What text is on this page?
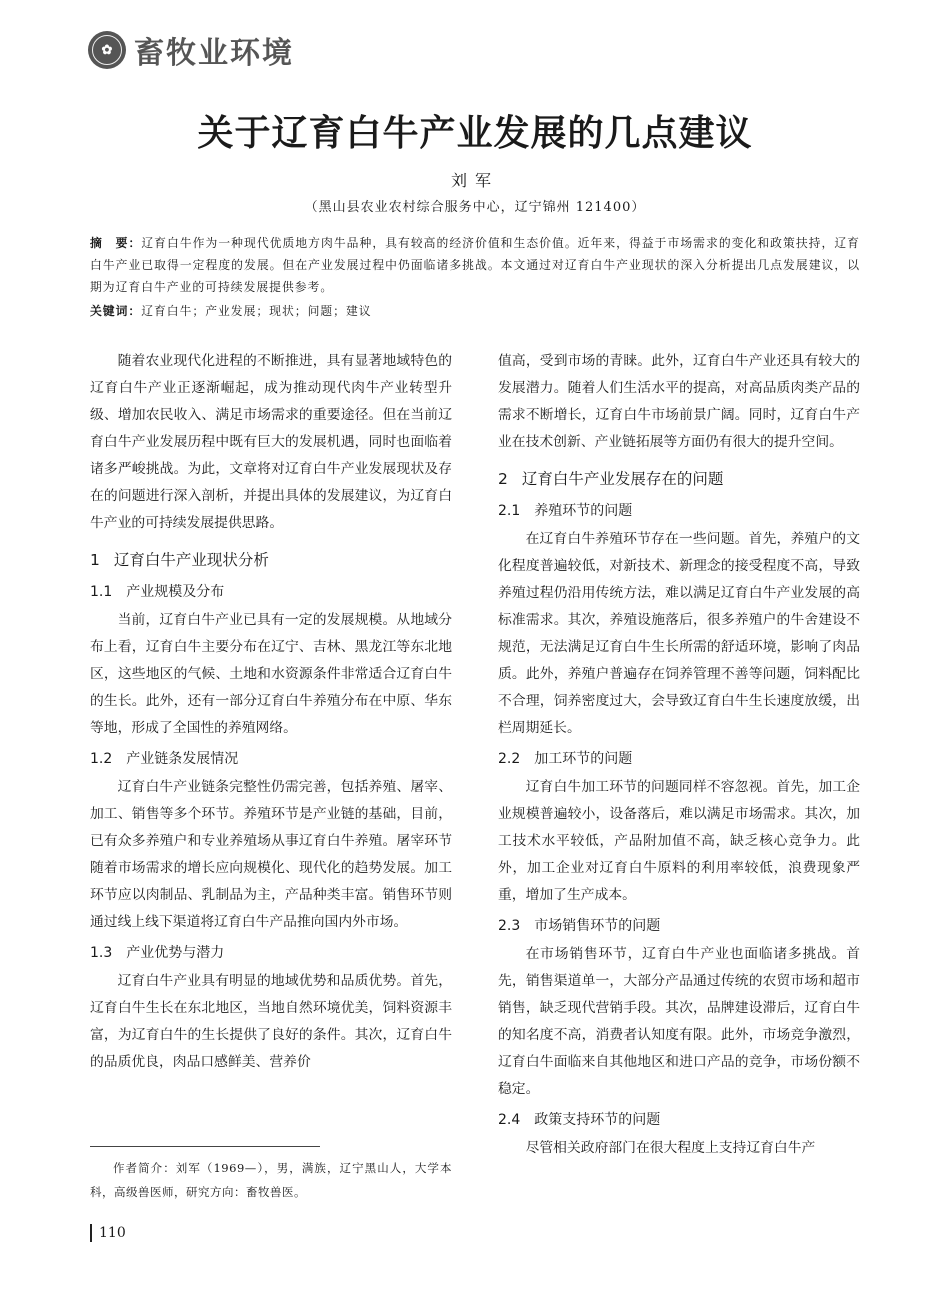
✿ 畜牧业环境
关于辽育白牛产业发展的几点建议
刘军
（黑山县农业农村综合服务中心，辽宁锦州 121400）
摘　要：辽育白牛作为一种现代优质地方肉牛品种，具有较高的经济价值和生态价值。近年来，得益于市场需求的变化和政策扶持，辽育白牛产业已取得一定程度的发展。但在产业发展过程中仍面临诸多挑战。本文通过对辽育白牛产业现状的深入分析提出几点发展建议，以期为辽育白牛产业的可持续发展提供参考。
关键词：辽育白牛；产业发展；现状；问题；建议

随着农业现代化进程的不断推进，具有显著地域特色的辽育白牛产业正逐渐崛起，成为推动现代肉牛产业转型升级、增加农民收入、满足市场需求的重要途径。但在当前辽育白牛产业发展历程中既有巨大的发展机遇，同时也面临着诸多严峻挑战。为此，文章将对辽育白牛产业发展现状及存在的问题进行深入剖析，并提出具体的发展建议，为辽育白牛产业的可持续发展提供思路。

1 辽育白牛产业现状分析
1.1 产业规模及分布

当前，辽育白牛产业已具有一定的发展规模。从地域分布上看，辽育白牛主要分布在辽宁、吉林、黑龙江等东北地区，这些地区的气候、土地和水资源条件非常适合辽育白牛的生长。此外，还有一部分辽育白牛养殖分布在中原、华东等地，形成了全国性的养殖网络。

1.2 产业链条发展情况

辽育白牛产业链条完整性仍需完善，包括养殖、屠宰、加工、销售等多个环节。养殖环节是产业链的基础，目前，已有众多养殖户和专业养殖场从事辽育白牛养殖。屠宰环节随着市场需求的增长应向规模化、现代化的趋势发展。加工环节应以肉制品、乳制品为主，产品种类丰富。销售环节则通过线上线下渠道将辽育白牛产品推向国内外市场。

1.3 产业优势与潜力

辽育白牛产业具有明显的地域优势和品质优势。首先，辽育白牛生长在东北地区，当地自然环境优美，饲料资源丰富，为辽育白牛的生长提供了良好的条件。其次，辽育白牛的品质优良，肉品口感鲜美、营养价

值高，受到市场的青睐。此外，辽育白牛产业还具有较大的发展潜力。随着人们生活水平的提高，对高品质肉类产品的需求不断增长，辽育白牛市场前景广阔。同时，辽育白牛产业在技术创新、产业链拓展等方面仍有很大的提升空间。

2 辽育白牛产业发展存在的问题
2.1 养殖环节的问题

在辽育白牛养殖环节存在一些问题。首先，养殖户的文化程度普遍较低，对新技术、新理念的接受程度不高，导致养殖过程仍沿用传统方法，难以满足辽育白牛产业发展的高标准需求。其次，养殖设施落后，很多养殖户的牛舍建设不规范，无法满足辽育白牛生长所需的舒适环境，影响了肉品质。此外，养殖户普遍存在饲养管理不善等问题，饲料配比不合理，饲养密度过大，会导致辽育白牛生长速度放缓，出栏周期延长。

2.2 加工环节的问题

辽育白牛加工环节的问题同样不容忽视。首先，加工企业规模普遍较小，设备落后，难以满足市场需求。其次，加工技术水平较低，产品附加值不高，缺乏核心竞争力。此外，加工企业对辽育白牛原料的利用率较低，浪费现象严重，增加了生产成本。

2.3 市场销售环节的问题

在市场销售环节，辽育白牛产业也面临诸多挑战。首先，销售渠道单一，大部分产品通过传统的农贸市场和超市销售，缺乏现代营销手段。其次，品牌建设滞后，辽育白牛的知名度不高，消费者认知度有限。此外，市场竞争激烈，辽育白牛面临来自其他地区和进口产品的竞争，市场份额不稳定。

2.4 政策支持环节的问题

尽管相关政府部门在很大程度上支持辽育白牛产

作者简介：刘军（1969—），男，满族，辽宁黑山人，大学本科，高级兽医师，研究方向：畜牧兽医。
110
